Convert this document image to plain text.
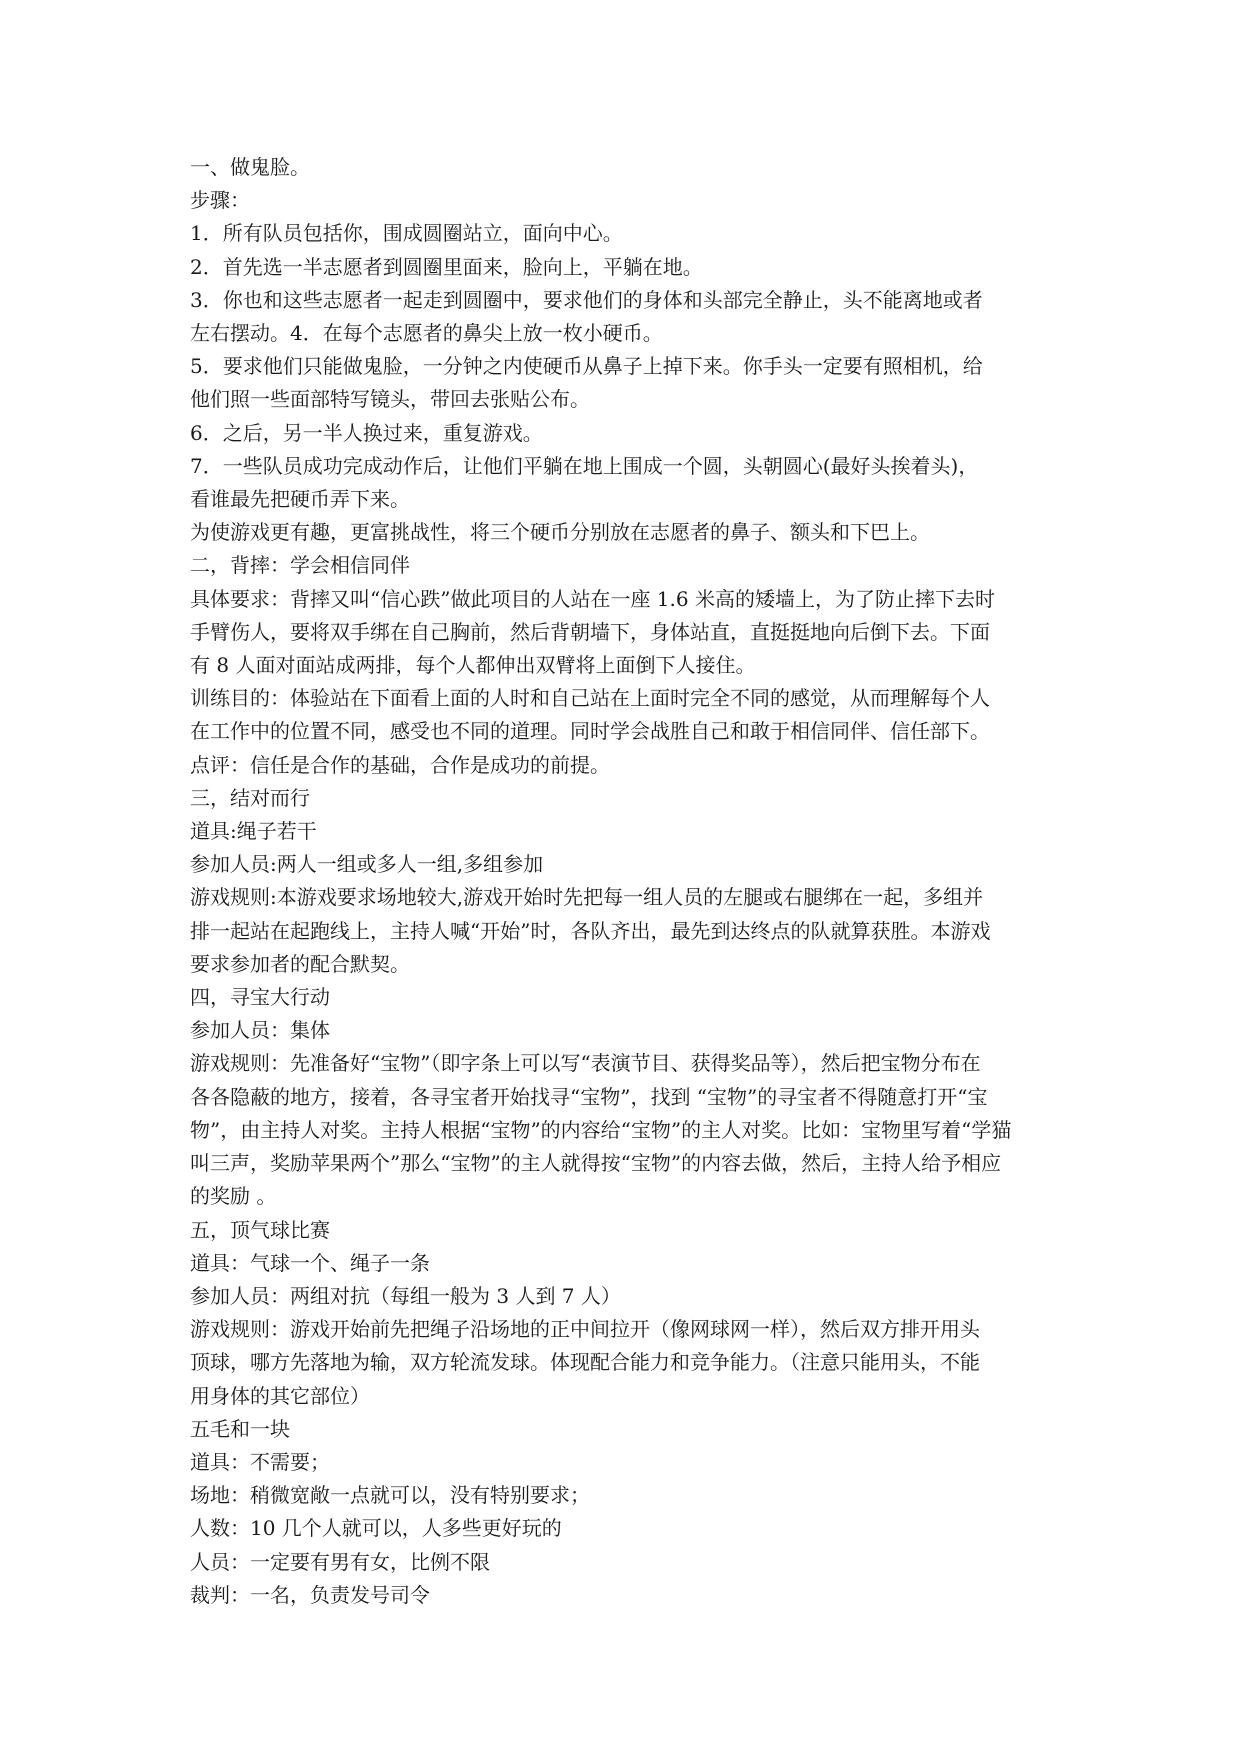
一、做鬼脸。
步骤：
1．所有队员包括你，围成圆圈站立，面向中心。
2．首先选一半志愿者到圆圈里面来，脸向上，平躺在地。
3．你也和这些志愿者一起走到圆圈中，要求他们的身体和头部完全静止，头不能离地或者
左右摆动。4．在每个志愿者的鼻尖上放一枚小硬币。
5．要求他们只能做鬼脸，一分钟之内使硬币从鼻子上掉下来。你手头一定要有照相机，给
他们照一些面部特写镜头，带回去张贴公布。
6．之后，另一半人换过来，重复游戏。
7．一些队员成功完成动作后，让他们平躺在地上围成一个圆，头朝圆心(最好头挨着头)，
看谁最先把硬币弄下来。
为使游戏更有趣，更富挑战性，将三个硬币分别放在志愿者的鼻子、额头和下巴上。
二，背摔：学会相信同伴
具体要求：背摔又叫“信心跌”做此项目的人站在一座 1.6 米高的矮墙上，为了防止摔下去时
手臂伤人，要将双手绑在自己胸前，然后背朝墙下，身体站直，直挺挺地向后倒下去。下面
有 8 人面对面站成两排，每个人都伸出双臂将上面倒下人接住。
训练目的：体验站在下面看上面的人时和自己站在上面时完全不同的感觉，从而理解每个人
在工作中的位置不同，感受也不同的道理。同时学会战胜自己和敢于相信同伴、信任部下。
点评：信任是合作的基础，合作是成功的前提。
三，结对而行
道具:绳子若干
参加人员:两人一组或多人一组,多组参加
游戏规则:本游戏要求场地较大,游戏开始时先把每一组人员的左腿或右腿绑在一起，多组并
排一起站在起跑线上，主持人喊“开始”时，各队齐出，最先到达终点的队就算获胜。本游戏
要求参加者的配合默契。
四，寻宝大行动
参加人员：集体
游戏规则：先准备好“宝物”（即字条上可以写“表演节目、获得奖品等），然后把宝物分布在
各各隐蔽的地方，接着，各寻宝者开始找寻“宝物”，找到 “宝物”的寻宝者不得随意打开“宝
物”，由主持人对奖。主持人根据“宝物”的内容给“宝物”的主人对奖。比如：宝物里写着“学猫
叫三声，奖励苹果两个”那么“宝物”的主人就得按“宝物”的内容去做，然后，主持人给予相应
的奖励 。
五，顶气球比赛
道具：气球一个、绳子一条
参加人员：两组对抗（每组一般为 3 人到 7 人）
游戏规则：游戏开始前先把绳子沿场地的正中间拉开（像网球网一样），然后双方排开用头
顶球，哪方先落地为输，双方轮流发球。体现配合能力和竞争能力。（注意只能用头，不能
用身体的其它部位）
五毛和一块
道具：不需要；
场地：稍微宽敞一点就可以，没有特别要求；
人数：10 几个人就可以，人多些更好玩的
人员：一定要有男有女，比例不限
裁判：一名，负责发号司令
